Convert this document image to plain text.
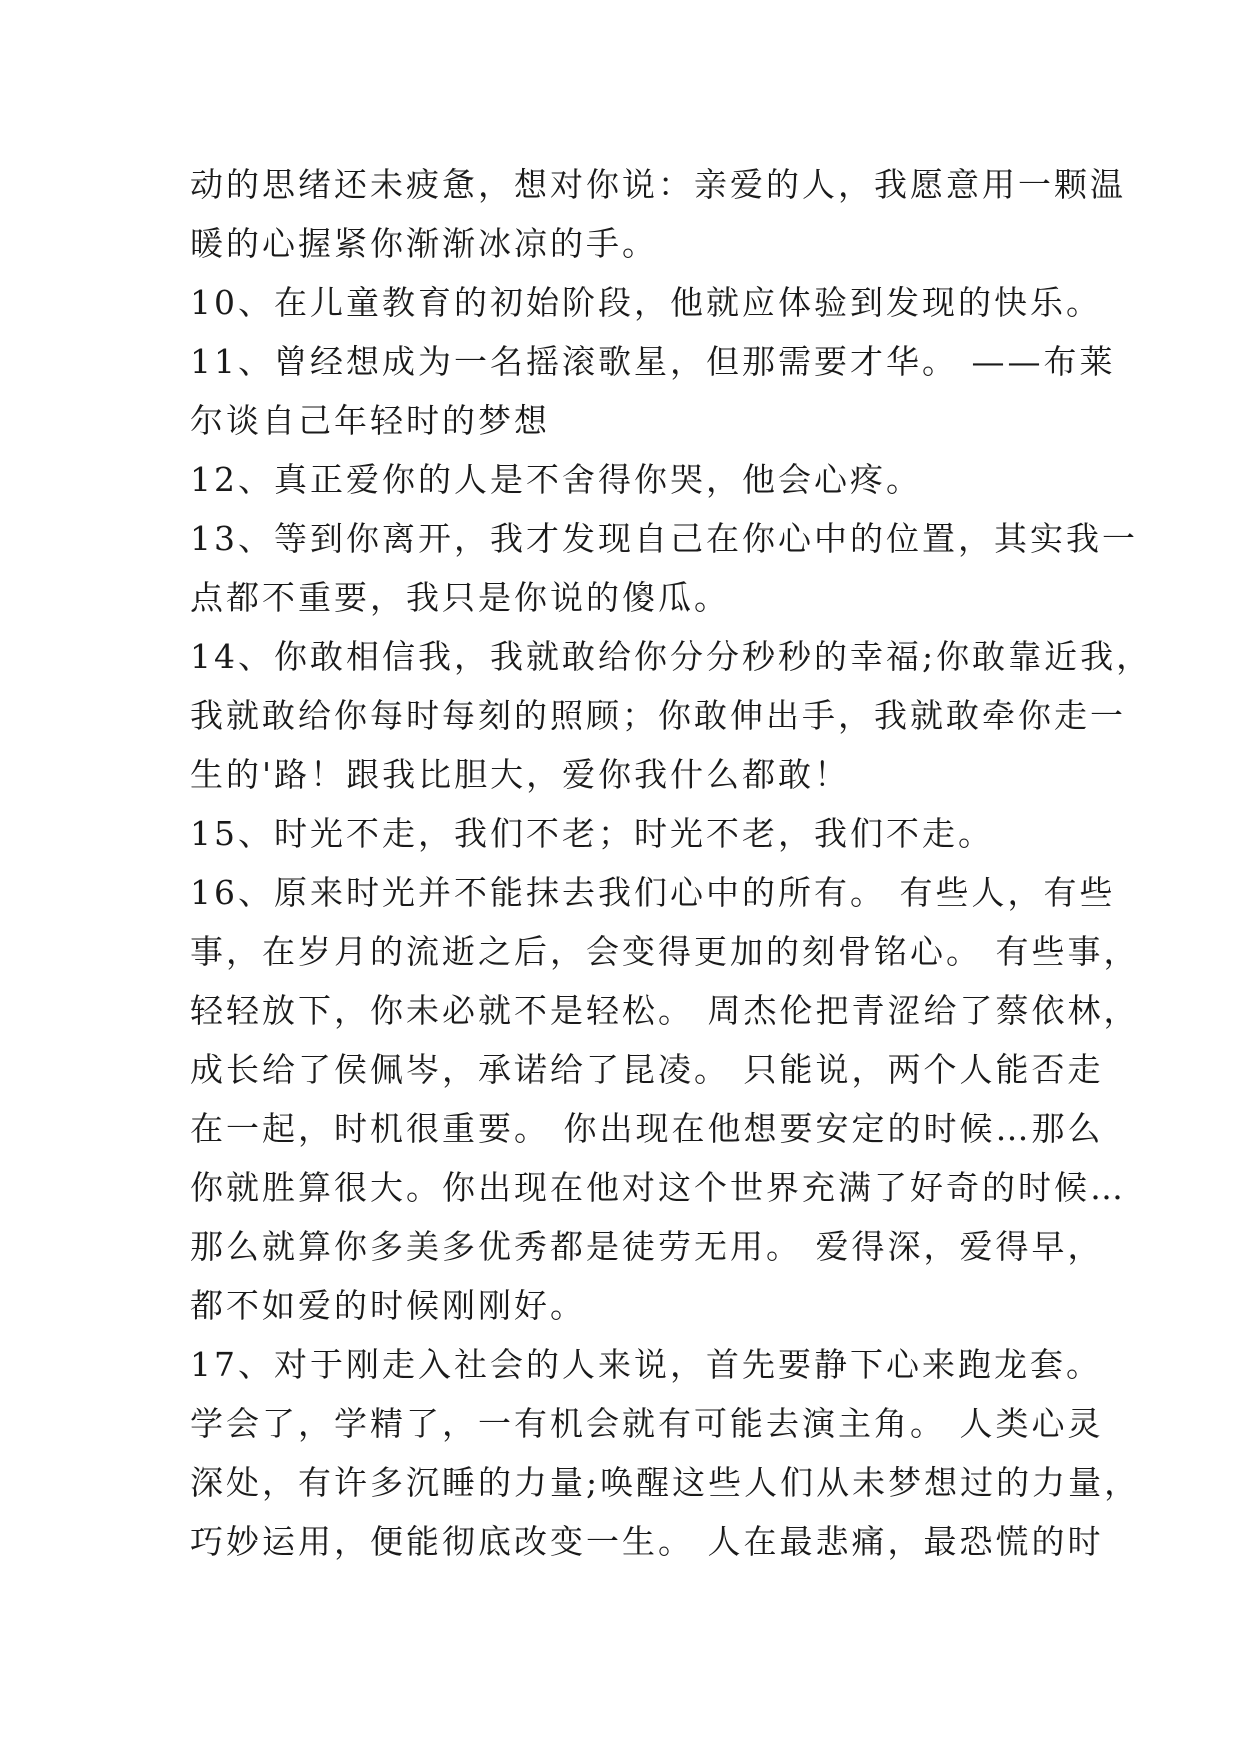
动的思绪还未疲惫，想对你说：亲爱的人，我愿意用一颗温
暖的心握紧你渐渐冰凉的手。
10、在儿童教育的初始阶段，他就应体验到发现的快乐。
11、曾经想成为一名摇滚歌星，但那需要才华。 ——布莱
尔谈自己年轻时的梦想
12、真正爱你的人是不舍得你哭，他会心疼。
13、等到你离开，我才发现自己在你心中的位置，其实我一
点都不重要，我只是你说的傻瓜。
14、你敢相信我，我就敢给你分分秒秒的幸福;你敢靠近我，
我就敢给你每时每刻的照顾；你敢伸出手，我就敢牵你走一
生的'路！跟我比胆大，爱你我什么都敢！
15、时光不走，我们不老；时光不老，我们不走。
16、原来时光并不能抹去我们心中的所有。 有些人，有些
事，在岁月的流逝之后，会变得更加的刻骨铭心。 有些事，
轻轻放下，你未必就不是轻松。 周杰伦把青涩给了蔡依林，
成长给了侯佩岑，承诺给了昆凌。 只能说，两个人能否走
在一起，时机很重要。 你出现在他想要安定的时候…那么
你就胜算很大。你出现在他对这个世界充满了好奇的时候…
那么就算你多美多优秀都是徒劳无用。 爱得深，爱得早，
都不如爱的时候刚刚好。
17、对于刚走入社会的人来说，首先要静下心来跑龙套。
学会了，学精了，一有机会就有可能去演主角。 人类心灵
深处，有许多沉睡的力量;唤醒这些人们从未梦想过的力量，
巧妙运用，便能彻底改变一生。 人在最悲痛，最恐慌的时
